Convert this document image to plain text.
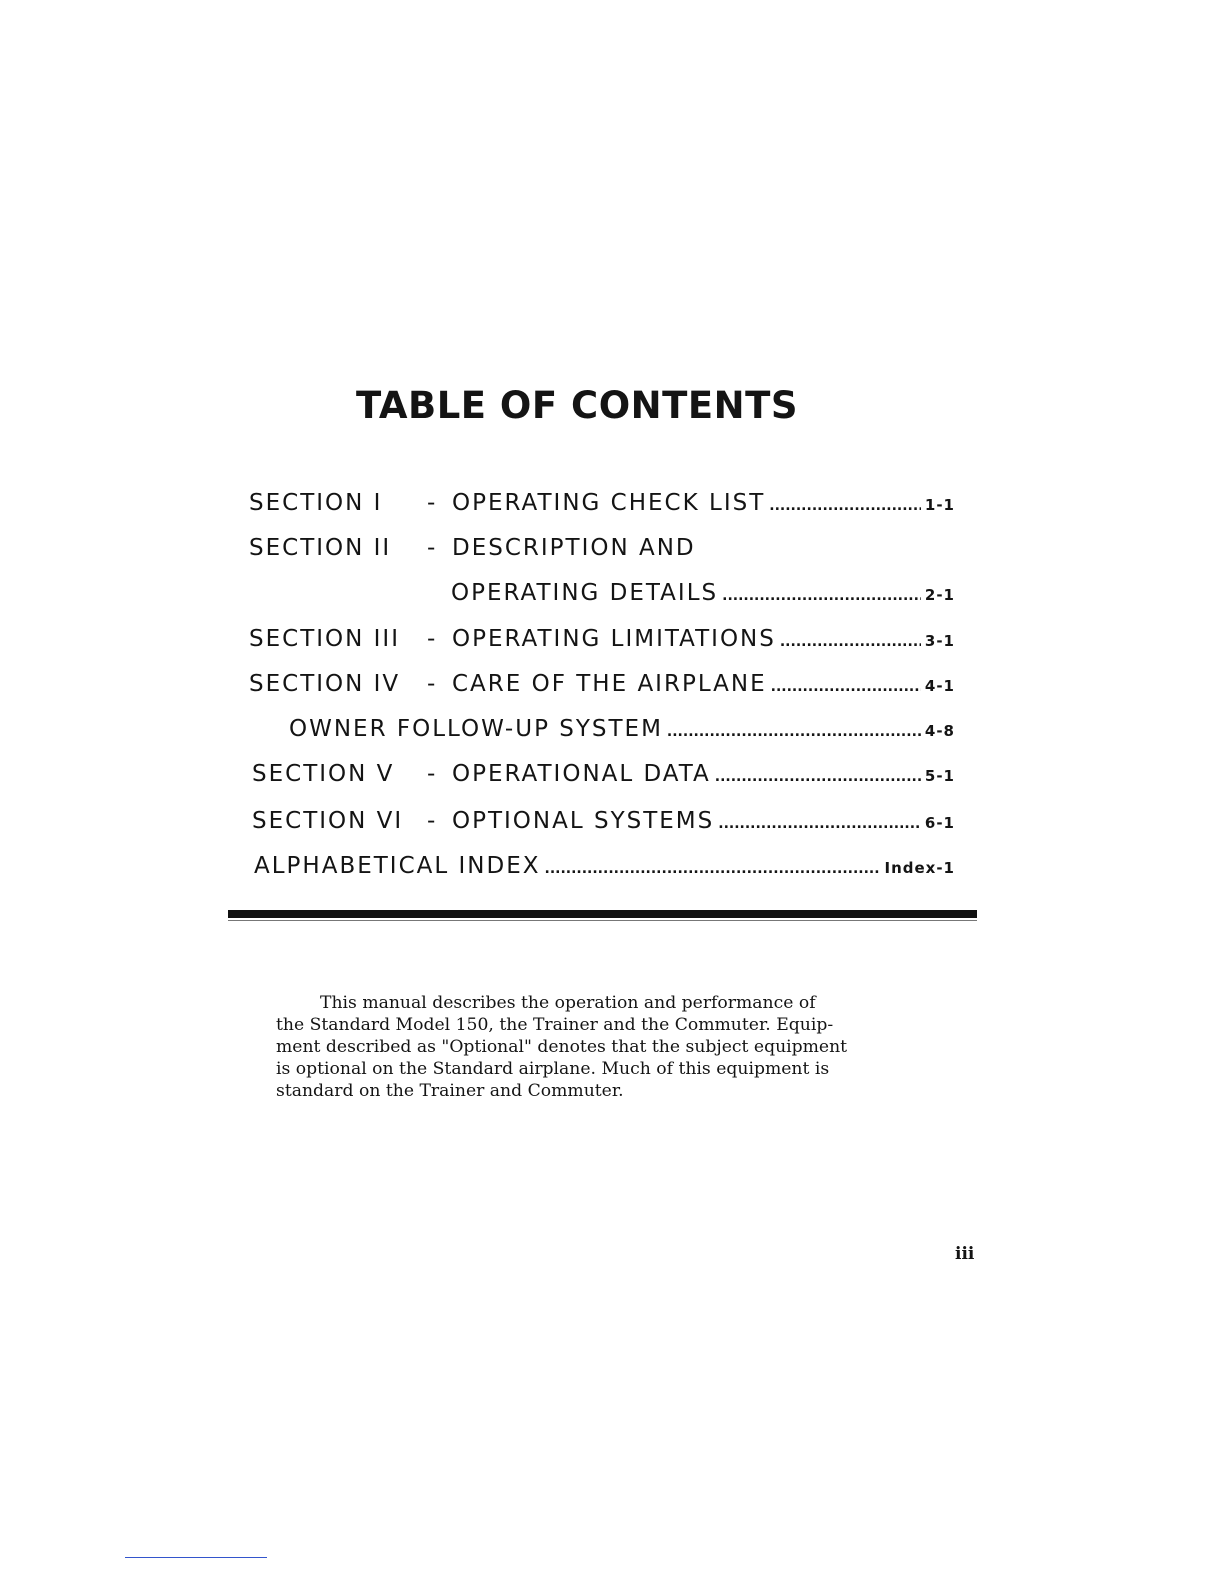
TABLE OF CONTENTS
SECTION I	- OPERATING CHECK LIST .....	1-1
SECTION II	- DESCRIPTION AND
OPERATING DETAILS .....	2-1
SECTION III	- OPERATING LIMITATIONS .....	3-1
SECTION IV	- CARE OF THE AIRPLANE .....	4-1
OWNER FOLLOW-UP SYSTEM .....	4-8
SECTION V	- OPERATIONAL DATA .....	5-1
SECTION VI	- OPTIONAL SYSTEMS .....	6-1
ALPHABETICAL INDEX .....	Index-1

This manual describes the operation and performance of
the Standard Model 150, the Trainer and the Commuter. Equip-
ment described as "Optional" denotes that the subject equipment
is optional on the Standard airplane. Much of this equipment is
standard on the Trainer and Commuter.

iii
